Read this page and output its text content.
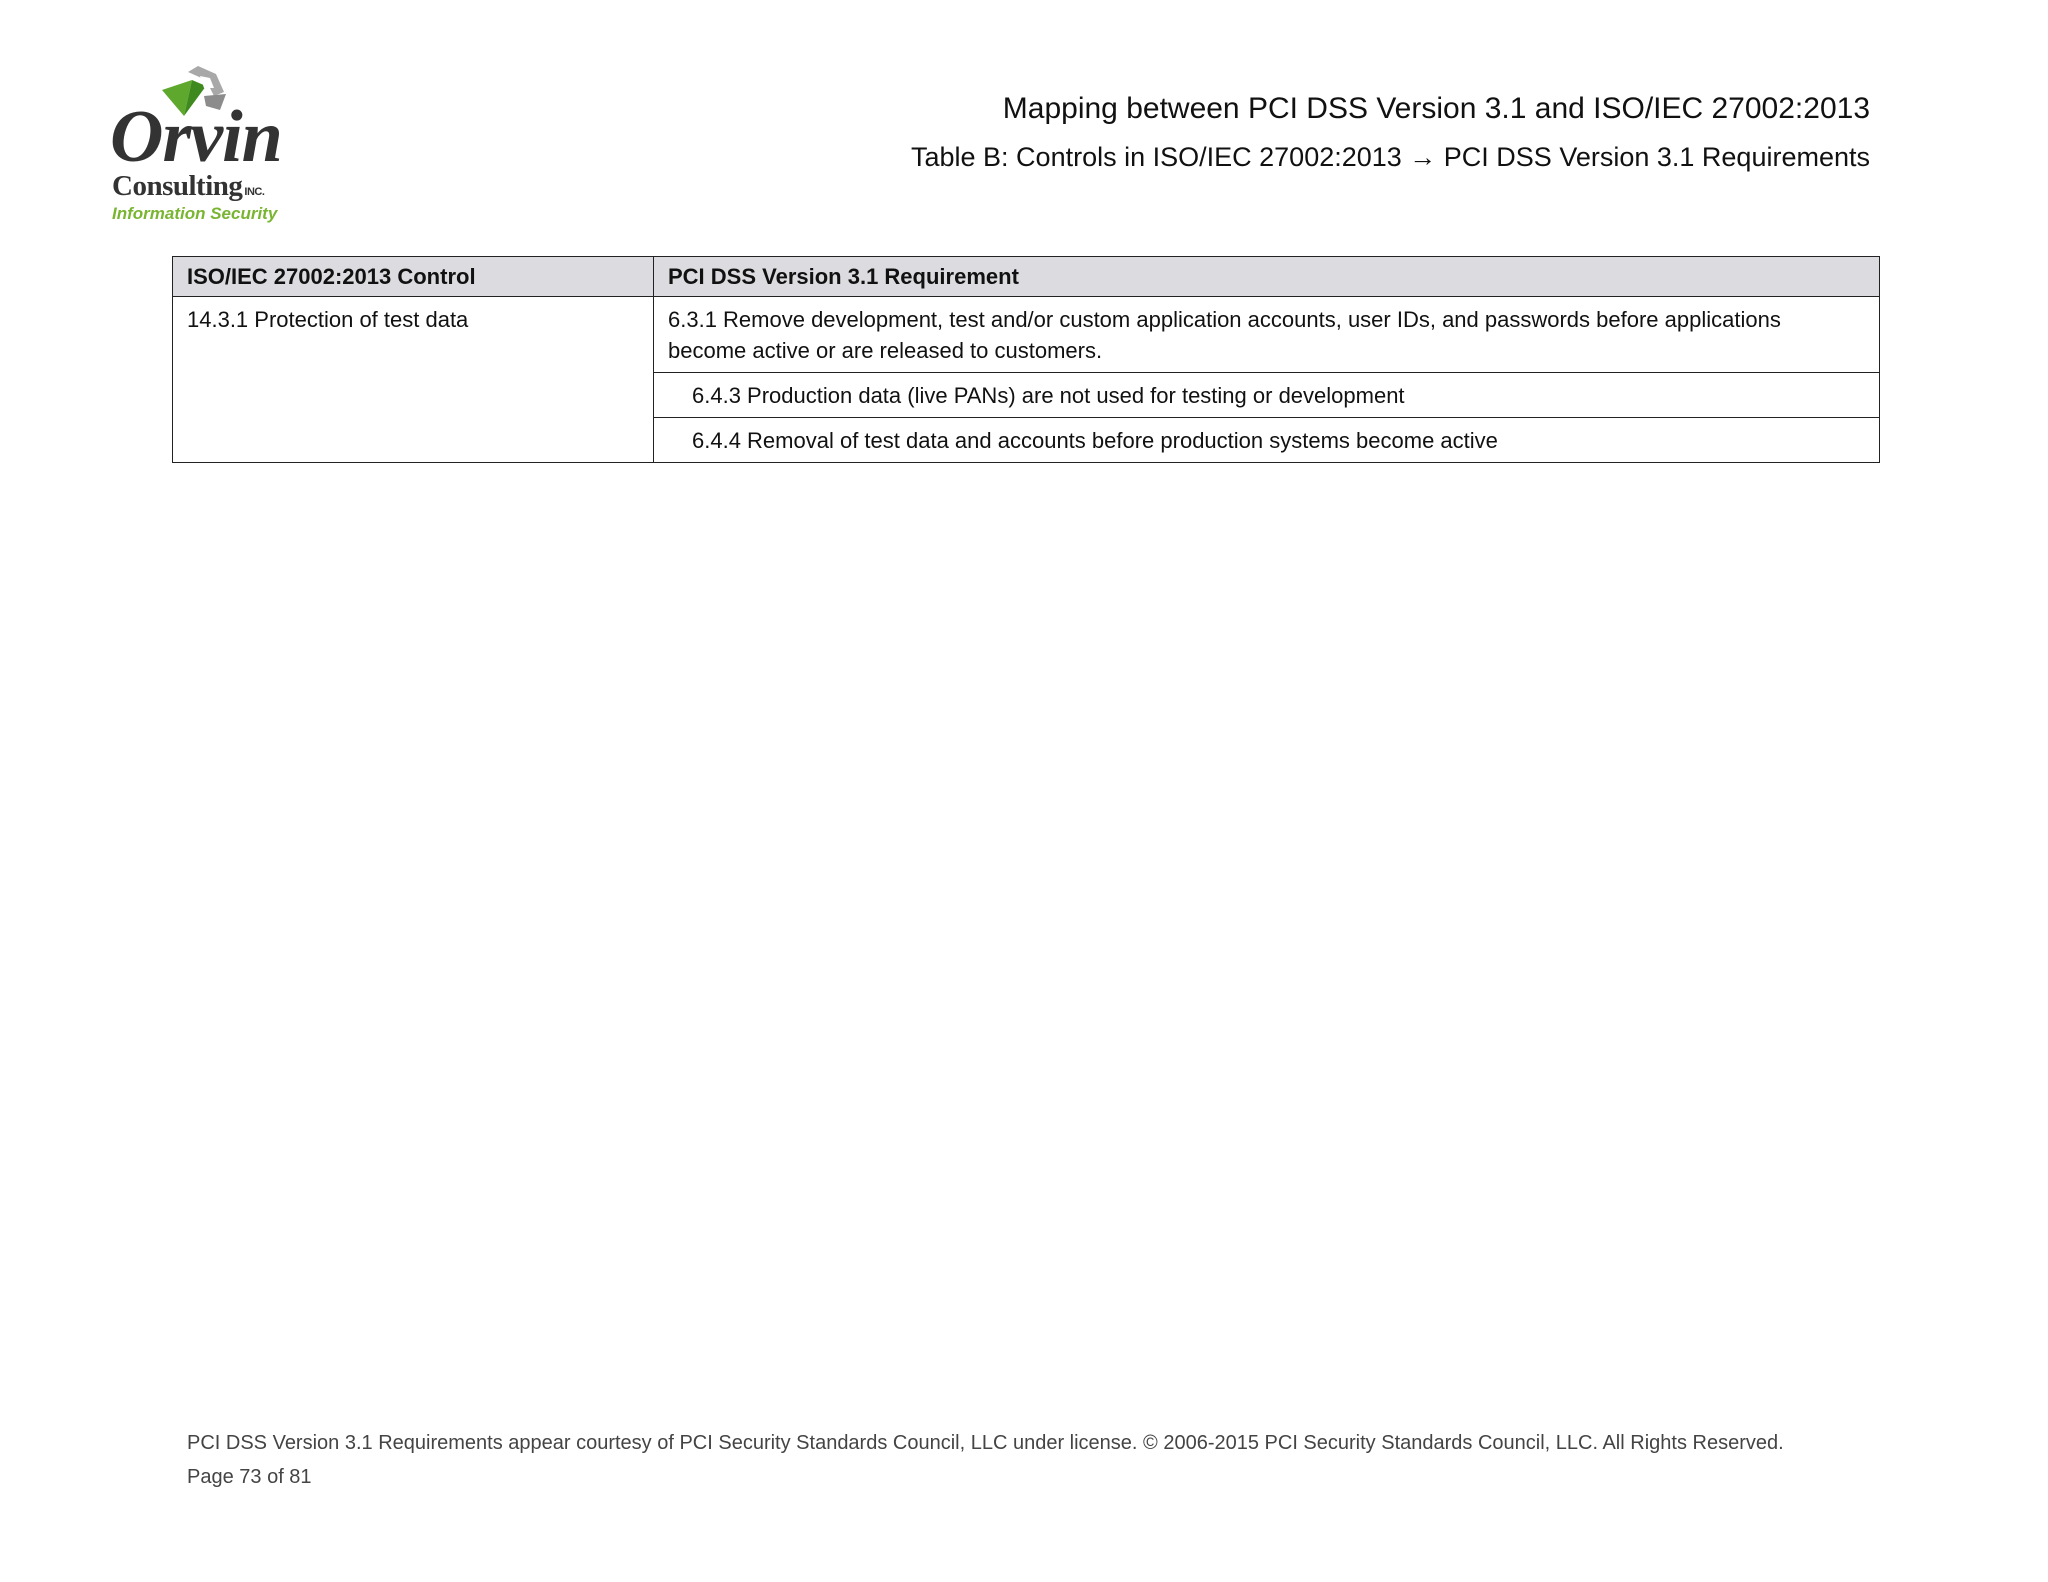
Orvin
Consulting INC.
Information Security
Mapping between PCI DSS Version 3.1 and ISO/IEC 27002:2013
Table B: Controls in ISO/IEC 27002:2013 → PCI DSS Version 3.1 Requirements
ISO/IEC 27002:2013 Control	PCI DSS Version 3.1 Requirement
14.3.1 Protection of test data	6.3.1 Remove development, test and/or custom application accounts, user IDs, and passwords before applications become active or are released to customers.
	6.4.3 Production data (live PANs) are not used for testing or development
	6.4.4 Removal of test data and accounts before production systems become active
PCI DSS Version 3.1 Requirements appear courtesy of PCI Security Standards Council, LLC under license. © 2006-2015 PCI Security Standards Council, LLC. All Rights Reserved.
Page 73 of 81
